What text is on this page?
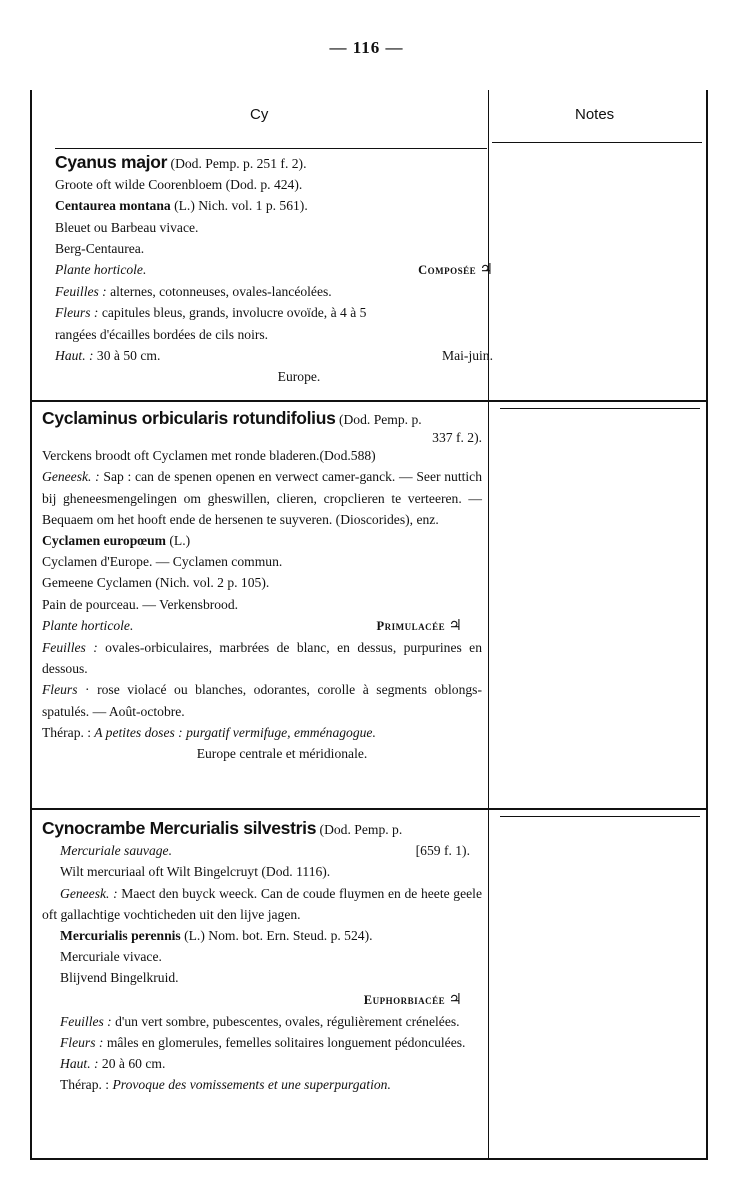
— 116 —
Cy	Notes

Cyanus major (Dod. Pemp. p. 251 f. 2).

Groote oft wilde Coorenbloem (Dod. p. 424).

Centaurea montana (L.) Nich. vol. 1 p. 561).

Bleuet ou Barbeau vivace.

Berg-Centaurea.

Plante horticole.	Composée ♃

Feuilles : alternes, cotonneuses, ovales-lancéolées.

Fleurs : capitules bleus, grands, involucre ovoïde, à 4 à 5

rangées d'écailles bordées de cils noirs.

Haut. : 30 à 50 cm.	Mai-juin.

Europe.

Cyclaminus orbicularis rotundifolius (Dod. Pemp. p.

337 f. 2).

Verckens broodt oft Cyclamen met ronde bladeren.(Dod.588)

Geneesk. : Sap : can de spenen openen en verwect camer-ganck. — Seer nuttich bij gheneesmengelingen om gheswillen, clieren, cropclieren te verteeren. — Bequaem om het hooft ende de hersenen te suyveren. (Dioscorides), enz.

Cyclamen europœum (L.)

Cyclamen d'Europe. — Cyclamen commun.

Gemeene Cyclamen (Nich. vol. 2 p. 105).

Pain de pourceau. — Verkensbrood.

Plante horticole.	Primulacée ♃

Feuilles : ovales-orbiculaires, marbrées de blanc, en dessus, purpurines en dessous.

Fleurs · rose violacé ou blanches, odorantes, corolle à segments oblongs-spatulés. — Août-octobre.

Thérap. : A petites doses : purgatif vermifuge, emménagogue.

Europe centrale et méridionale.

Cynocrambe Mercurialis silvestris (Dod. Pemp. p.

Mercuriale sauvage.	[659 f. 1).

Wilt mercuriaal oft Wilt Bingelcruyt (Dod. 1116).

Geneesk. : Maect den buyck weeck. Can de coude fluymen en de heete geele oft gallachtige vochticheden uit den lijve jagen.

Mercurialis perennis (L.) Nom. bot. Ern. Steud. p. 524).

Mercuriale vivace.

Blijvend Bingelkruid.

Euphorbiacée ♃

Feuilles : d'un vert sombre, pubescentes, ovales, régulièrement crénelées.

Fleurs : mâles en glomerules, femelles solitaires longuement pédonculées.

Haut. : 20 à 60 cm.

Thérap. : Provoque des vomissements et une superpurgation.
